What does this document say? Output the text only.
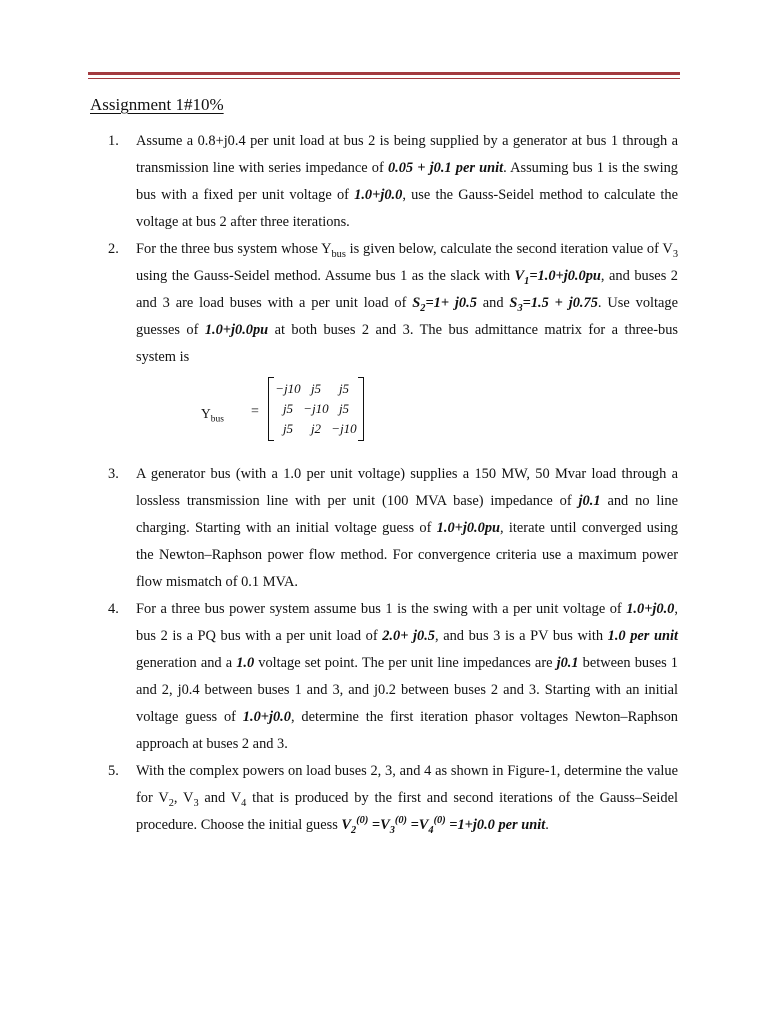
Assignment 1#10%
1. Assume a 0.8+j0.4 per unit load at bus 2 is being supplied by a generator at bus 1 through a transmission line with series impedance of 0.05 + j0.1 per unit. Assuming bus 1 is the swing bus with a fixed per unit voltage of 1.0+j0.0, use the Gauss-Seidel method to calculate the voltage at bus 2 after three iterations.
2. For the three bus system whose $Y_{bus}$ is given below, calculate the second iteration value of $V_3$ using the Gauss-Seidel method. Assume bus 1 as the slack with $V_1=1.0+j0.0pu$, and buses 2 and 3 are load buses with a per unit load of $S_2=1+ j0.5$ and $S_3=1.5 + j0.75$. Use voltage guesses of 1.0+j0.0pu at both buses 2 and 3. The bus admittance matrix for a three-bus system is
$Y_{bus}$
=
−j10 j5	j5
j5 −j10 j5
j5	j2 −j10
3. A generator bus (with a 1.0 per unit voltage) supplies a 150 MW, 50 Mvar load through a lossless transmission line with per unit (100 MVA base) impedance of j0.1 and no line charging. Starting with an initial voltage guess of 1.0+j0.0pu, iterate until converged using the Newton–Raphson power flow method. For convergence criteria use a maximum power flow mismatch of 0.1 MVA.
4. For a three bus power system assume bus 1 is the swing with a per unit voltage of 1.0+j0.0, bus 2 is a PQ bus with a per unit load of 2.0+ j0.5, and bus 3 is a PV bus with 1.0 per unit generation and a 1.0 voltage set point. The per unit line impedances are j0.1 between buses 1 and 2, j0.4 between buses 1 and 3, and j0.2 between buses 2 and 3. Starting with an initial voltage guess of 1.0+j0.0, determine the first iteration phasor voltages Newton–Raphson approach at buses 2 and 3.
5. With the complex powers on load buses 2, 3, and 4 as shown in Figure-1, determine the value for $V_2$, $V_3$ and $V_4$ that is produced by the first and second iterations of the Gauss–Seidel procedure. Choose the initial guess $V_2^{(0)} =V_3^{(0)} =V_4^{(0)} =1+j0.0$ per unit.
